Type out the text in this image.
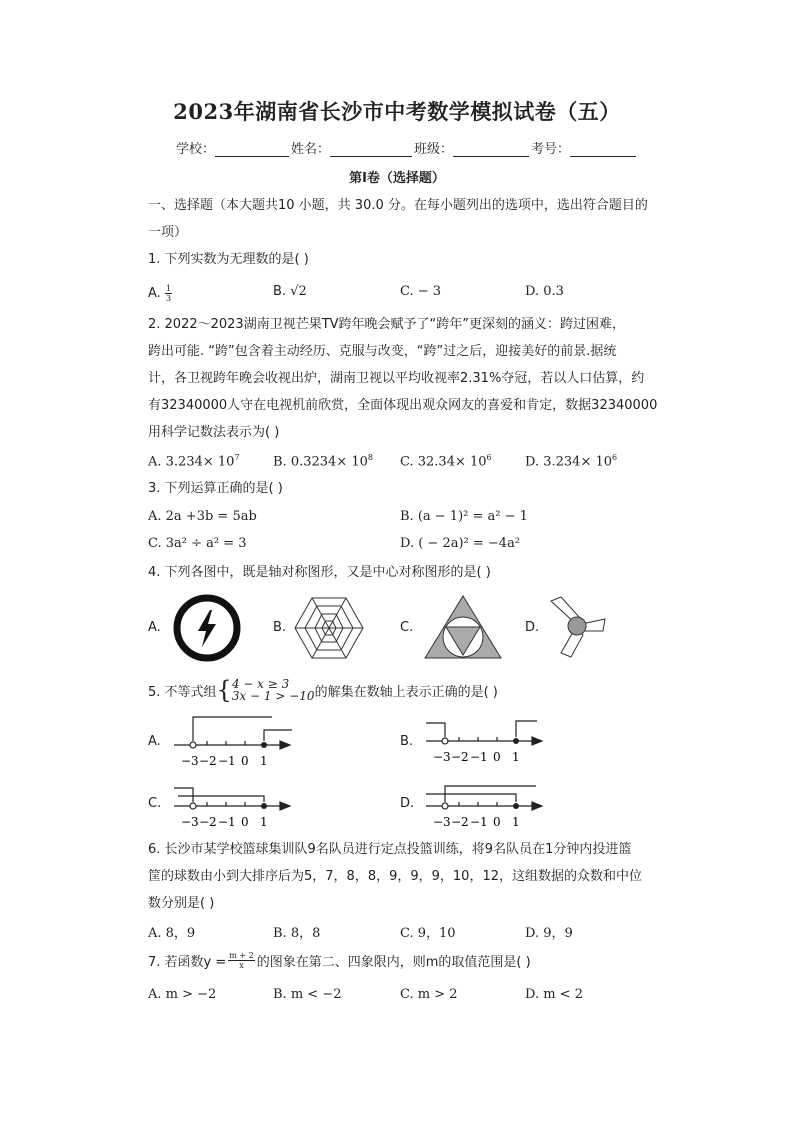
2023年湖南省长沙市中考数学模拟试卷（五）
学校：	姓名：	班级：	考号：
第Ⅰ卷（选择题）
一、选择题（本大题共10 小题，共 30.0 分。在每小题列出的选项中，选出符合题目的
一项）
1. 下列实数为无理数的是( )
A. $\frac{1}{3}$	B. √2	C. − 3	D. 0.3
2. 2022～2023湖南卫视芒果TV跨年晚会赋予了“跨年”更深刻的涵义：跨过困难，
跨出可能. “跨”包含着主动经历、克服与改变，“跨”过之后，迎接美好的前景.据统
计，各卫视跨年晚会收视出炉，湖南卫视以平均收视率2.31%夺冠，若以人口估算，约
有32340000人守在电视机前欣赏，全面体现出观众网友的喜爱和肯定，数据32340000
用科学记数法表示为( )
A. $3.234\times 10^7$	B. $0.3234\times 10^8$ C. $32.34\times 10^6$	D. $3.234\times 10^6$
3. 下列运算正确的是( )
A. 2a +3b = 5ab	B. (a − 1)² = a² − 1
C. 3a² ÷ a² = 3	D. ( − 2a)² = −4a²
4. 下列各图中，既是轴对称图形，又是中心对称图形的是( )
A.	B.	C.	D.
5. 不等式组 { 4 − x ≥ 3
3x − 1 > −10 的解集在数轴上表示正确的是( )
A.	B.
C.	D.
−3 −2 −1 0 1	−3 −2 −1 0 1
−3 −2 −1 0 1	−3 −2 −1 0 1
6. 长沙市某学校篮球集训队9名队员进行定点投篮训练，将9名队员在1分钟内投进篮
筐的球数由小到大排序后为5，7，8，8，9，9，9，10，12，这组数据的众数和中位
数分别是( )
A. 8，9	B. 8，8	C. 9，10	D. 9，9
7. 若函数$y = \frac{m + 2}{x}$ 的图象在第二、四象限内，则m的取值范围是( )
A. m > −2	B. m < −2	C. m > 2	D. m < 2
